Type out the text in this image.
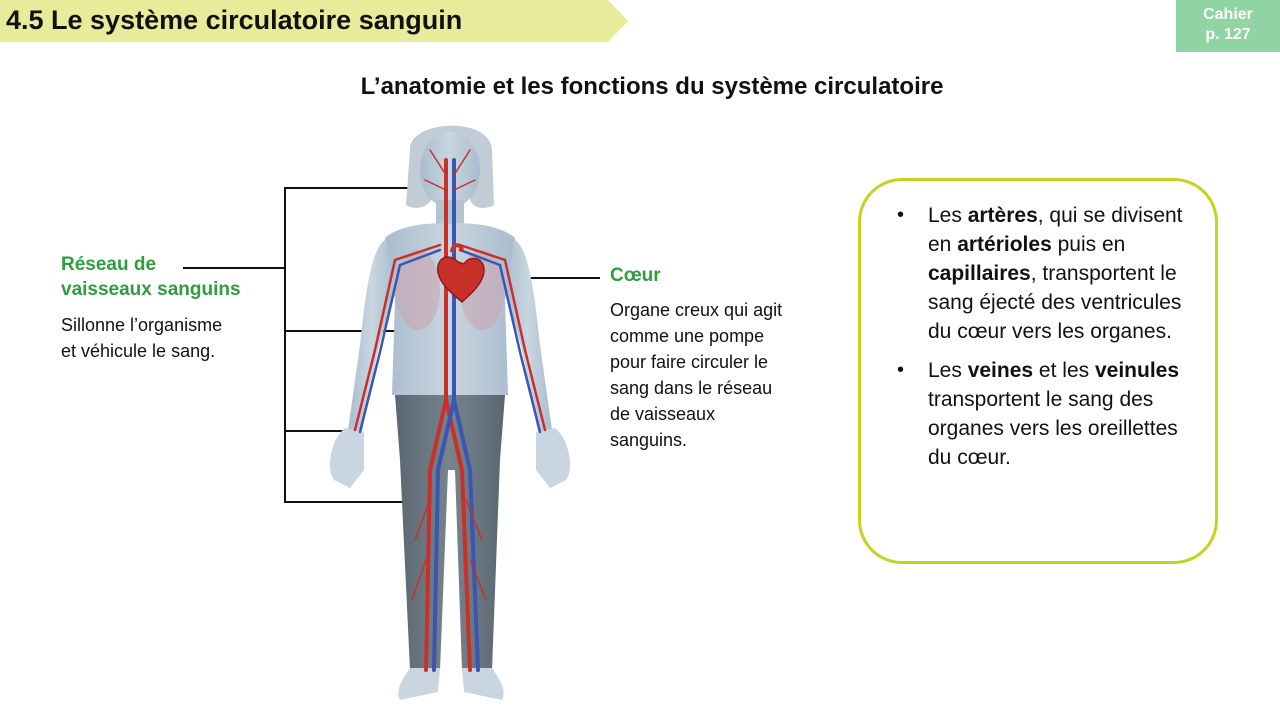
4.5 Le système circulatoire sanguin	Cahier
p. 127
L’anatomie et les fonctions du système circulatoire
Réseau de
vaisseaux sanguins
Sillonne l’organisme
et véhicule le sang.
Cœur
Organe creux qui agit
comme une pompe
pour faire circuler le
sang dans le réseau
de vaisseaux
sanguins.
• Les artères, qui se divisent en artérioles puis en capillaires, transportent le sang éjecté des ventricules du cœur vers les organes.
• Les veines et les veinules transportent le sang des organes vers les oreillettes du cœur.
